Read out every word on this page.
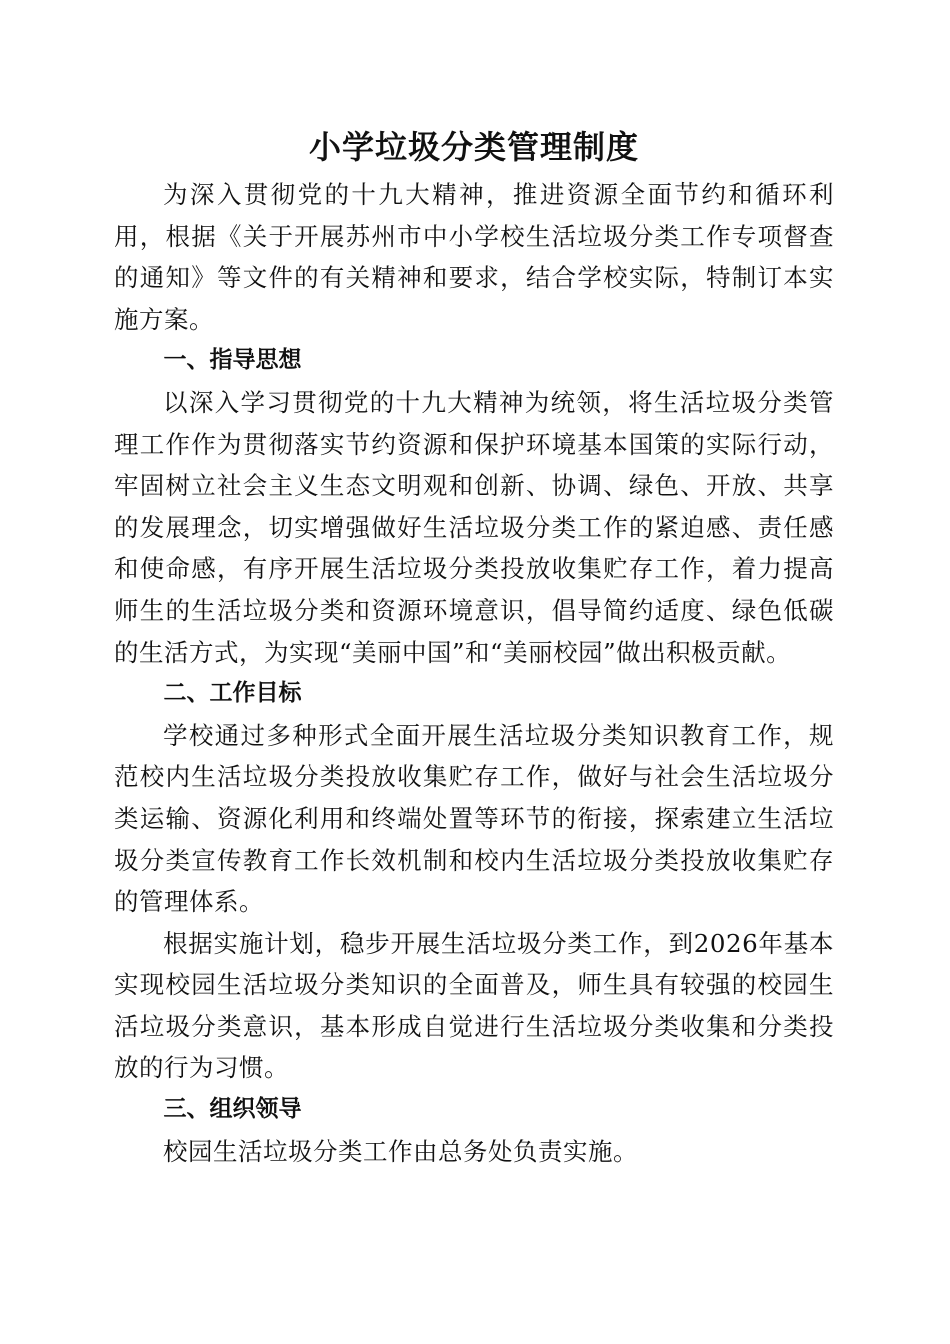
小学垃圾分类管理制度

为深入贯彻党的十九大精神，推进资源全面节约和循环利用，根据《关于开展苏州市中小学校生活垃圾分类工作专项督查的通知》等文件的有关精神和要求，结合学校实际，特制订本实施方案。

一、指导思想

以深入学习贯彻党的十九大精神为统领，将生活垃圾分类管理工作作为贯彻落实节约资源和保护环境基本国策的实际行动，牢固树立社会主义生态文明观和创新、协调、绿色、开放、共享的发展理念，切实增强做好生活垃圾分类工作的紧迫感、责任感和使命感，有序开展生活垃圾分类投放收集贮存工作，着力提高师生的生活垃圾分类和资源环境意识，倡导简约适度、绿色低碳的生活方式，为实现“美丽中国”和“美丽校园”做出积极贡献。

二、工作目标

学校通过多种形式全面开展生活垃圾分类知识教育工作，规范校内生活垃圾分类投放收集贮存工作，做好与社会生活垃圾分类运输、资源化利用和终端处置等环节的衔接，探索建立生活垃圾分类宣传教育工作长效机制和校内生活垃圾分类投放收集贮存的管理体系。

根据实施计划，稳步开展生活垃圾分类工作，到2026年基本实现校园生活垃圾分类知识的全面普及，师生具有较强的校园生活垃圾分类意识，基本形成自觉进行生活垃圾分类收集和分类投放的行为习惯。

三、组织领导

校园生活垃圾分类工作由总务处负责实施。
